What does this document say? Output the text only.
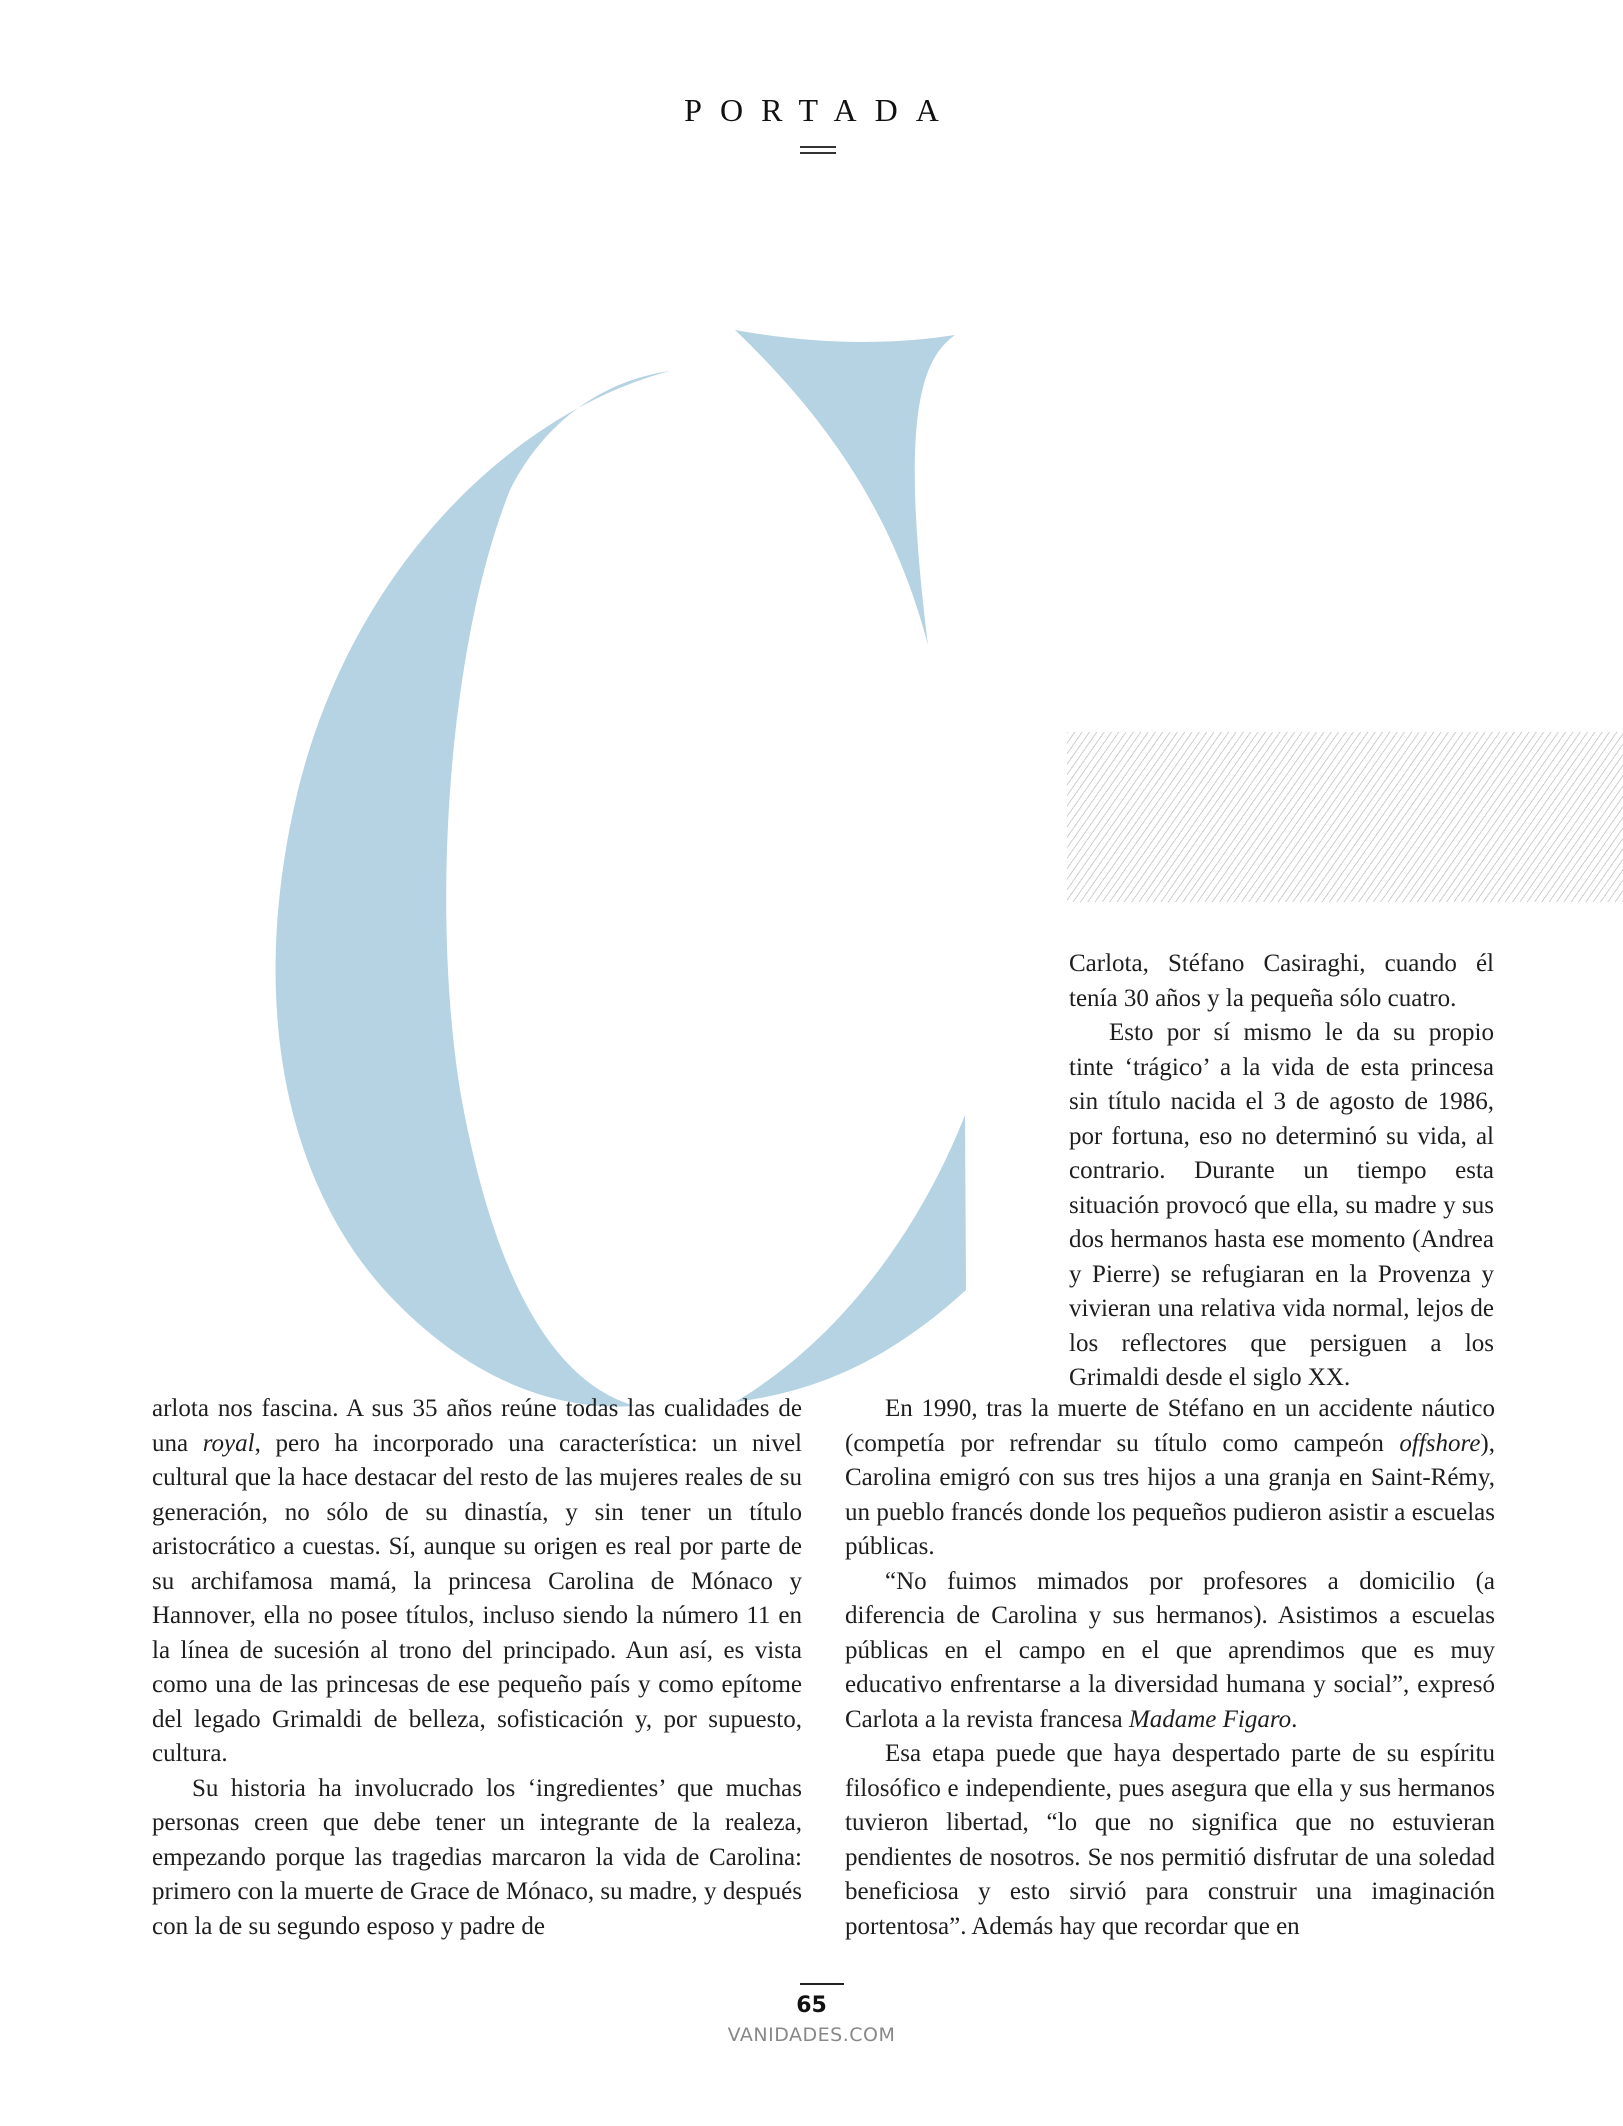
PORTADA

Carlota, Stéfano Casiraghi, cuando él tenía 30 años y la pequeña sólo cuatro.

Esto por sí mismo le da su propio tinte ‘trágico’ a la vida de esta princesa sin título nacida el 3 de agosto de 1986, por fortuna, eso no determinó su vida, al contrario. Durante un tiempo esta situación provocó que ella, su madre y sus dos hermanos hasta ese momento (Andrea y Pierre) se refugiaran en la Provenza y vivieran una relativa vida normal, lejos de los reflectores que persiguen a los Grimaldi desde el siglo XX.

arlota nos fascina. A sus 35 años reúne todas las cualidades de una royal, pero ha incorporado una característica: un nivel cultural que la hace destacar del resto de las mujeres reales de su generación, no sólo de su dinastía, y sin tener un título aristocrático a cuestas. Sí, aunque su origen es real por parte de su archifamosa mamá, la princesa Carolina de Mónaco y Hannover, ella no posee títulos, incluso siendo la número 11 en la línea de sucesión al trono del principado. Aun así, es vista como una de las princesas de ese pequeño país y como epítome del legado Grimaldi de belleza, sofisticación y, por supuesto, cultura.

Su historia ha involucrado los ‘ingredientes’ que muchas personas creen que debe tener un integrante de la realeza, empezando porque las tragedias marcaron la vida de Carolina: primero con la muerte de Grace de Mónaco, su madre, y después con la de su segundo esposo y padre de

En 1990, tras la muerte de Stéfano en un accidente náutico (competía por refrendar su título como campeón offshore), Carolina emigró con sus tres hijos a una granja en Saint-Rémy, un pueblo francés donde los pequeños pudieron asistir a escuelas públicas.

“No fuimos mimados por profesores a domicilio (a diferencia de Carolina y sus hermanos). Asistimos a escuelas públicas en el campo en el que aprendimos que es muy educativo enfrentarse a la diversidad humana y social”, expresó Carlota a la revista francesa Madame Figaro.

Esa etapa puede que haya despertado parte de su espíritu filosófico e independiente, pues asegura que ella y sus hermanos tuvieron libertad, “lo que no significa que no estuvieran pendientes de nosotros. Se nos permitió disfrutar de una soledad beneficiosa y esto sirvió para construir una imaginación portentosa”. Además hay que recordar que en

65
VANIDADES.COM
